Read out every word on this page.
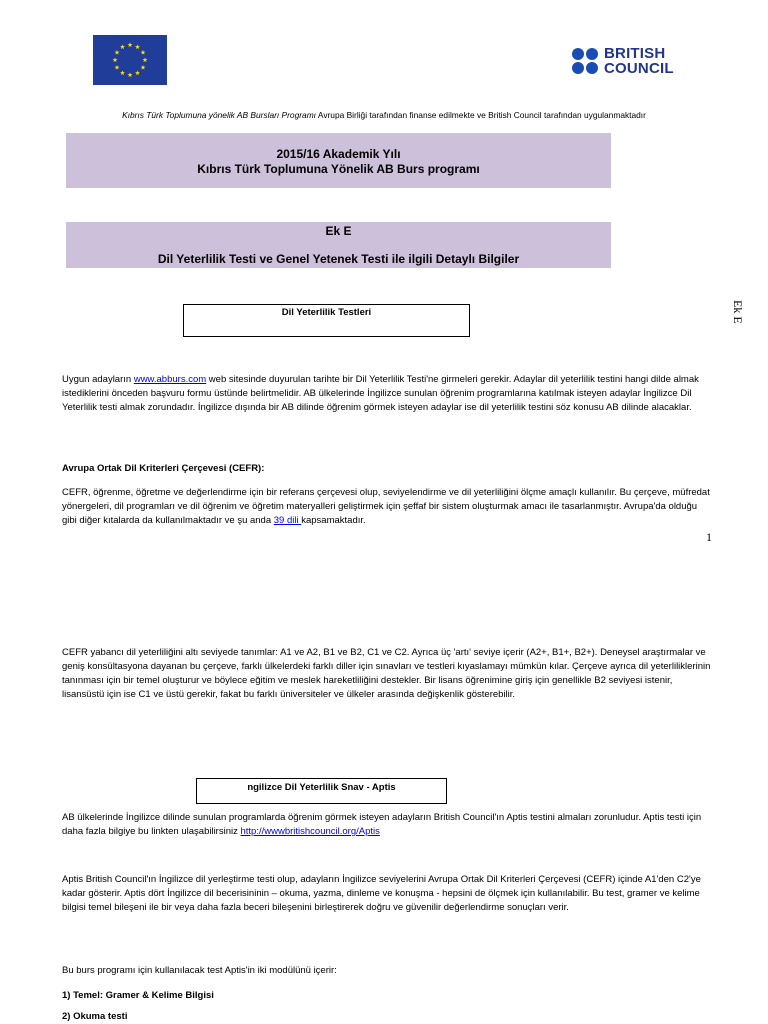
BRITISH
COUNCIL
Kıbrıs Türk Toplumuna yönelik AB Bursları Programı Avrupa Birliği tarafından finanse edilmekte ve British Council tarafından uygulanmaktadır
2015/16 Akademik Yılı
Kıbrıs Türk Toplumuna Yönelik AB Burs programı
Ek E
Dil Yeterlilik Testi ve Genel Yetenek Testi ile ilgili Detaylı Bilgiler
Ek E
Dil Yeterlilik Testleri
Uygun adayların www.abburs.com web sitesinde duyurulan tarihte bir Dil Yeterlilik Testi'ne girmeleri gerekir. Adaylar dil yeterlilik testini hangi dilde almak istediklerini önceden başvuru formu üstünde belirtmelidir. AB ülkelerinde İngilizce sunulan öğrenim programlarına katılmak isteyen adaylar İngilizce Dil Yeterlilik testi almak zorundadır. İngilizce dışında bir AB dilinde öğrenim görmek isteyen adaylar ise dil yeterlilik testini söz konusu AB dilinde alacaklar.
Avrupa Ortak Dil Kriterleri Çerçevesi (CEFR):
CEFR, öğrenme, öğretme ve değerlendirme için bir referans çerçevesi olup, seviyelendirme ve dil yeterliliğini ölçme amaçlı kullanılır. Bu çerçeve, müfredat yönergeleri, dil programları ve dil öğrenim ve öğretim materyalleri geliştirmek için şeffaf bir sistem oluşturmak amacı ile tasarlanmıştır. Avrupa'da olduğu gibi diğer kıtalarda da kullanılmaktadır ve şu anda 39 dili kapsamaktadır.
1
CEFR yabancı dil yeterliliğini altı seviyede tanımlar: A1 ve A2, B1 ve B2, C1 ve C2. Ayrıca üç 'artı' seviye içerir (A2+, B1+, B2+). Deneysel araştırmalar ve geniş konsültasyona dayanan bu çerçeve, farklı ülkelerdeki farklı diller için sınavları ve testleri kıyaslamayı mümkün kılar. Çerçeve ayrıca dil yeterliliklerinin tanınması için bir temel oluşturur ve böylece eğitim ve meslek hareketliliğini destekler. Bir lisans öğrenimine giriş için genellikle B2 seviyesi istenir, lisansüstü için ise C1 ve üstü gerekir, fakat bu farklı üniversiteler ve ülkeler arasında değişkenlik gösterebilir.
ngilizce Dil Yeterlilik Snav - Aptis
AB ülkelerinde İngilizce dilinde sunulan programlarda öğrenim görmek isteyen adayların British Council'ın Aptis testini almaları zorunludur. Aptis testi için daha fazla bilgiye bu linkten ulaşabilirsiniz http://wwwbritishcouncil.org/Aptis
Aptis British Council'ın İngilizce dil yerleştirme testi olup, adayların İngilizce seviyelerini Avrupa Ortak Dil Kriterleri Çerçevesi (CEFR) içinde A1'den C2'ye kadar gösterir. Aptis dört İngilizce dil becerisininin – okuma, yazma, dinleme ve konuşma - hepsini de ölçmek için kullanılabilir. Bu test, gramer ve kelime bilgisi temel bileşeni ile bir veya daha fazla beceri bileşenini birleştirerek doğru ve güvenilir değerlendirme sonuçları verir.
Bu burs programı için kullanılacak test Aptis'in iki modülünü içerir:
1) Temel: Gramer & Kelime Bilgisi
2) Okuma testi
